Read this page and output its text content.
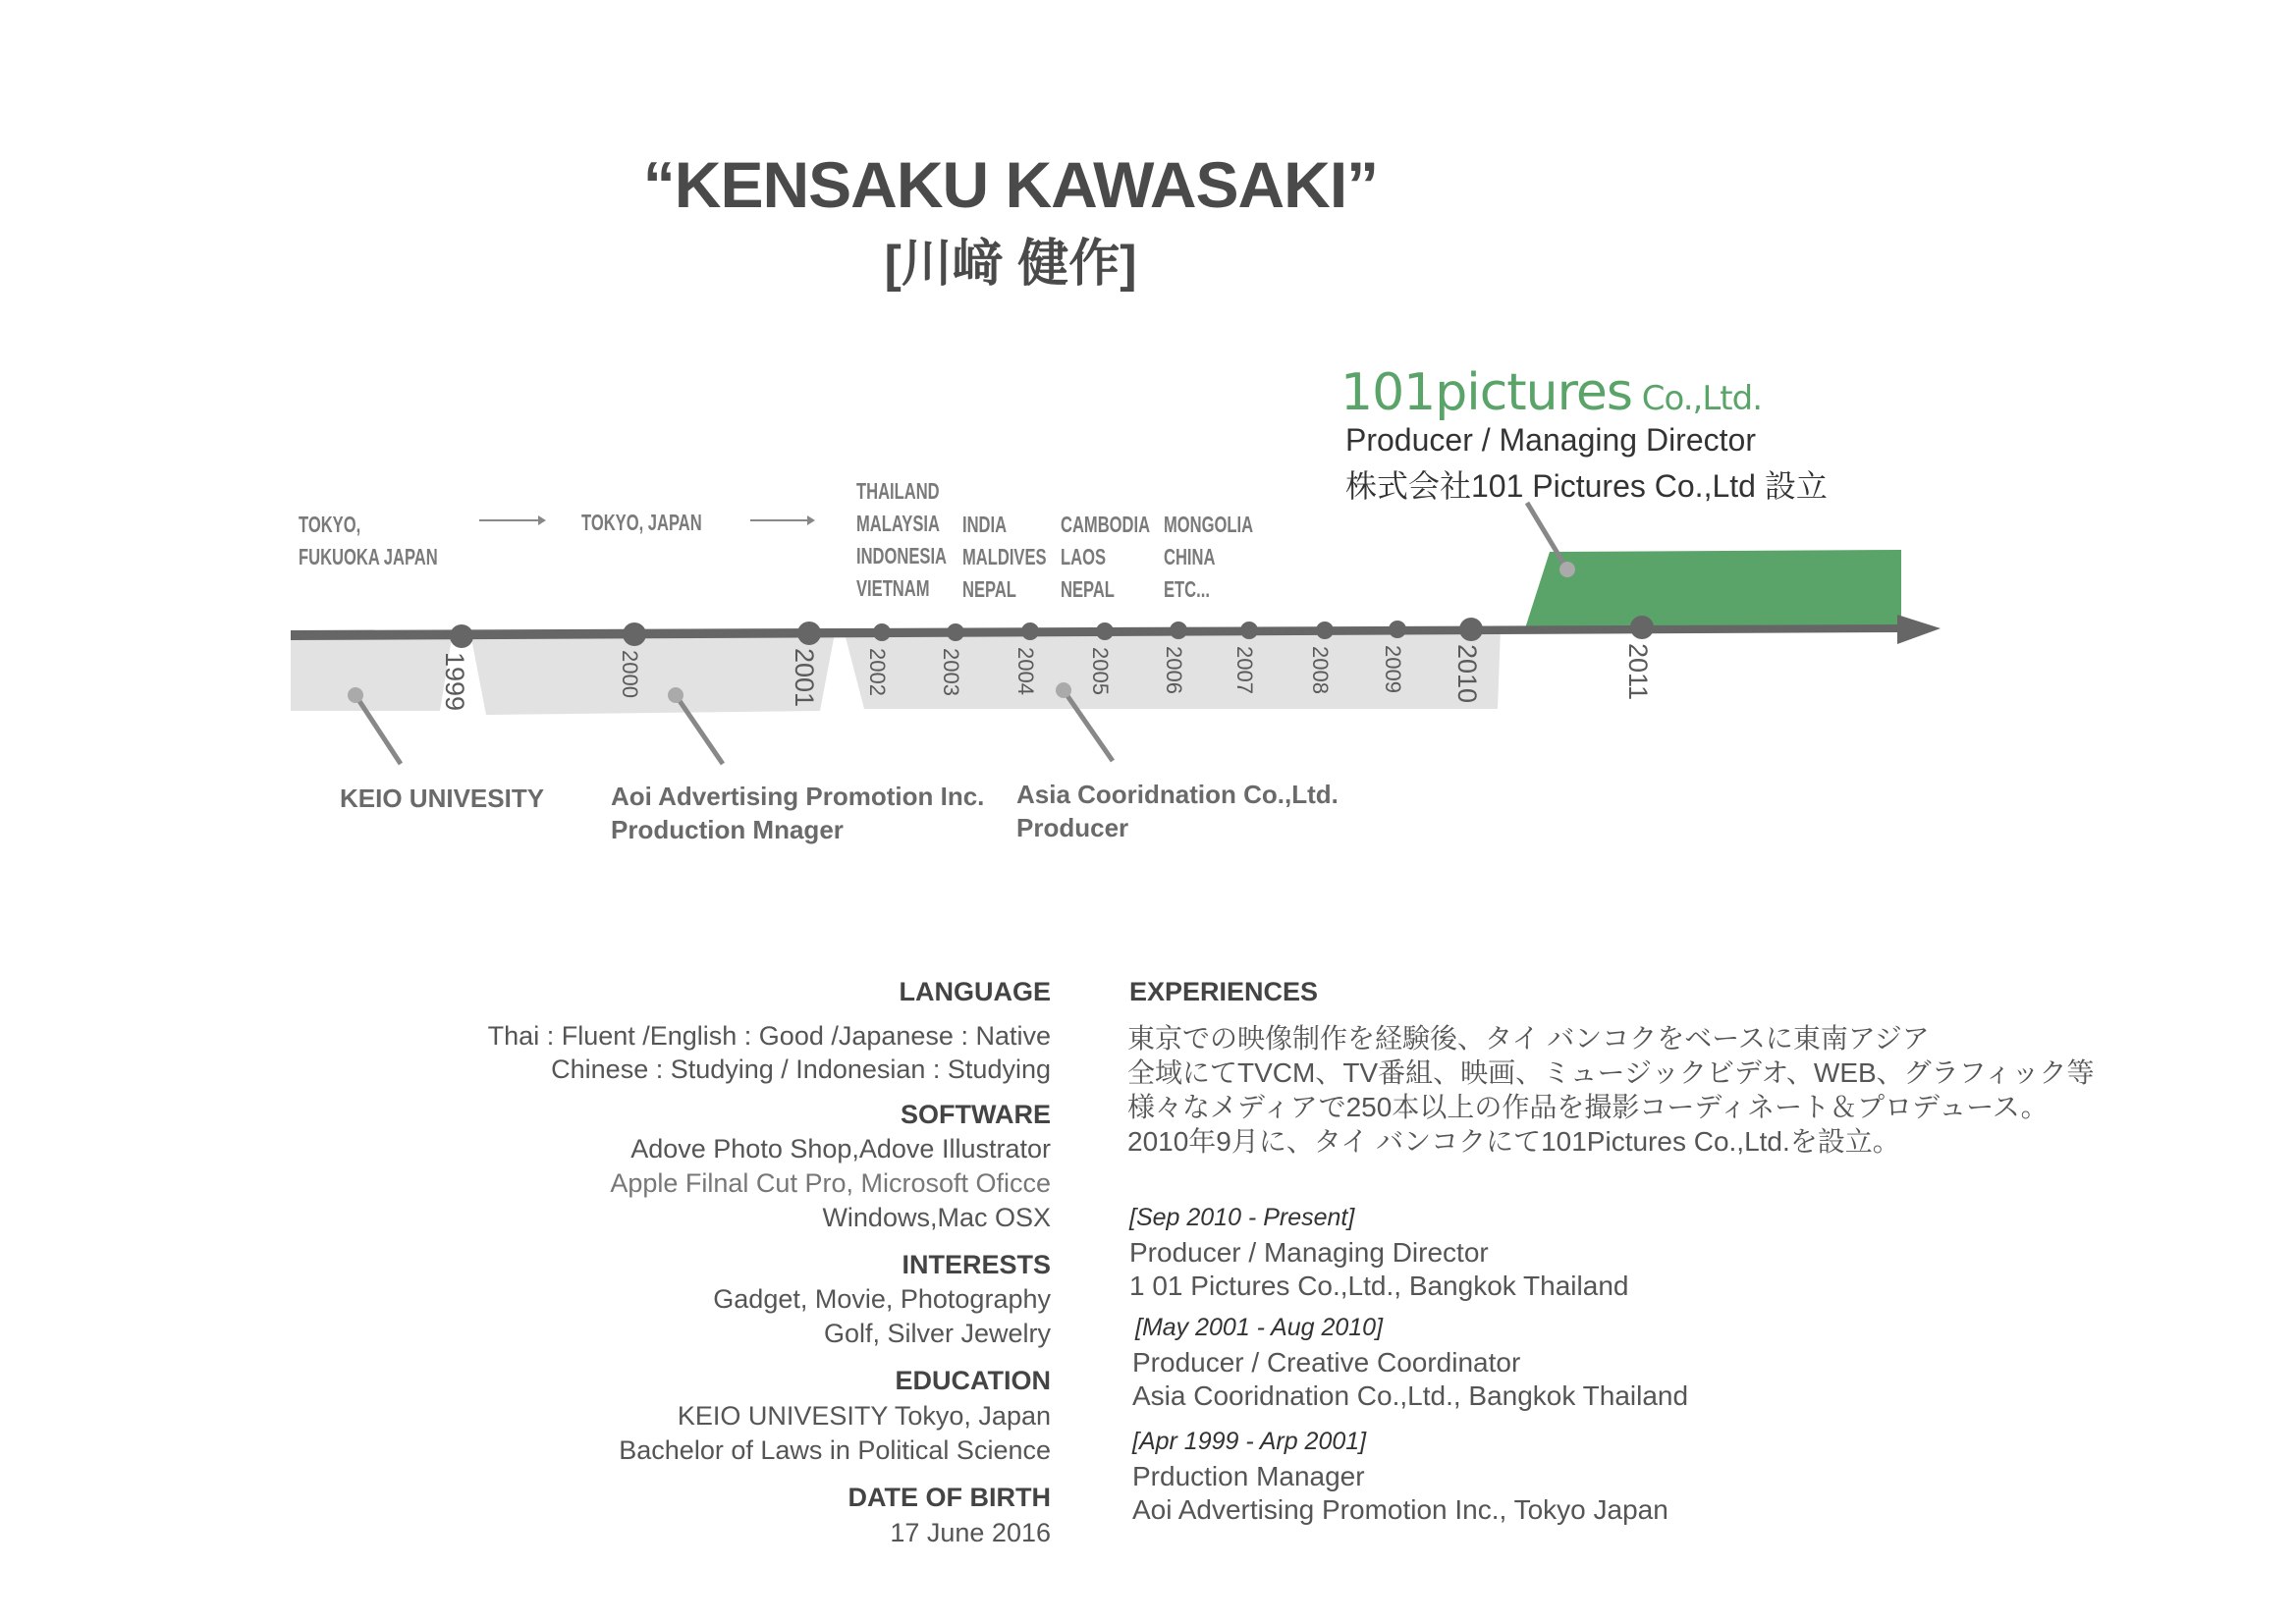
“KENSAKU KAWASAKI”
[川﨑 健作]
101pictures Co.,Ltd.
Producer / Managing Director
株式会社101 Pictures Co.,Ltd 設立
TOKYO,
FUKUOKA JAPAN
TOKYO, JAPAN
THAILAND
MALAYSIA
INDONESIA
VIETNAM
INDIA
MALDIVES
NEPAL
CAMBODIA
LAOS
NEPAL
MONGOLIA
CHINA
ETC...
1999	2000	2001 2002 2003 2004 2005 2006 2007 2008 2009 2010	2011
KEIO UNIVESITY	Aoi Advertising Promotion Inc.
Production Mnager
Asia Cooridnation Co.,Ltd.
Producer
LANGUAGE
Thai : Fluent /English : Good /Japanese : Native
Chinese : Studying / Indonesian : Studying
SOFTWARE
Adove Photo Shop,Adove Illustrator
Apple Filnal Cut Pro, Microsoft Oficce
Windows,Mac OSX
INTERESTS
Gadget, Movie, Photography
Golf, Silver Jewelry
EDUCATION
KEIO UNIVESITY Tokyo, Japan
Bachelor of Laws in Political Science
DATE OF BIRTH
17 June 2016
EXPERIENCES
東京での映像制作を経験後、タイ バンコクをベースに東南アジア
全域にてTVCM、TV番組、映画、ミュージックビデオ、WEB、グラフィック等
様々なメディアで250本以上の作品を撮影コーディネート＆プロデュース。
2010年9月に、タイ バンコクにて101Pictures Co.,Ltd.を設立。
[Sep 2010 - Present]
Producer / Managing Director
1 01 Pictures Co.,Ltd., Bangkok Thailand
[May 2001 - Aug 2010]
Producer / Creative Coordinator
Asia Cooridnation Co.,Ltd., Bangkok Thailand
[Apr 1999 - Arp 2001]
Prduction Manager
Aoi Advertising Promotion Inc., Tokyo Japan
